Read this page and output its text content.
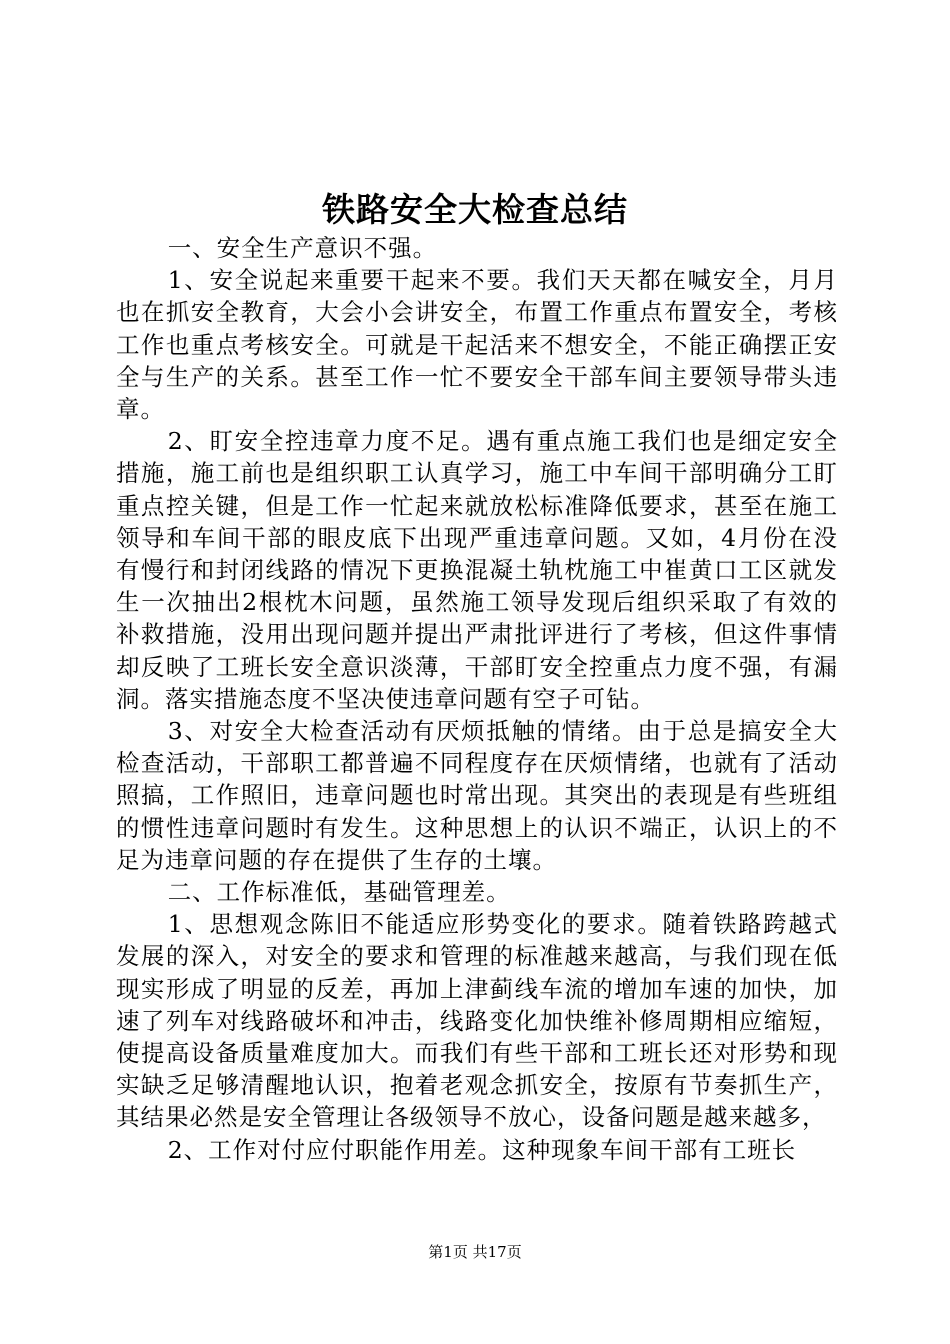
铁路安全大检查总结

一、安全生产意识不强。

1、安全说起来重要干起来不要。我们天天都在喊安全，月月也在抓安全教育，大会小会讲安全，布置工作重点布置安全，考核工作也重点考核安全。可就是干起活来不想安全，不能正确摆正安全与生产的关系。甚至工作一忙不要安全干部车间主要领导带头违章。

2、盯安全控违章力度不足。遇有重点施工我们也是细定安全措施，施工前也是组织职工认真学习，施工中车间干部明确分工盯重点控关键，但是工作一忙起来就放松标准降低要求，甚至在施工领导和车间干部的眼皮底下出现严重违章问题。又如，4月份在没有慢行和封闭线路的情况下更换混凝土轨枕施工中崔黄口工区就发生一次抽出2根枕木问题，虽然施工领导发现后组织采取了有效的补救措施，没用出现问题并提出严肃批评进行了考核，但这件事情却反映了工班长安全意识淡薄，干部盯安全控重点力度不强，有漏洞。落实措施态度不坚决使违章问题有空子可钻。

3、对安全大检查活动有厌烦抵触的情绪。由于总是搞安全大检查活动，干部职工都普遍不同程度存在厌烦情绪，也就有了活动照搞，工作照旧，违章问题也时常出现。其突出的表现是有些班组的惯性违章问题时有发生。这种思想上的认识不端正，认识上的不足为违章问题的存在提供了生存的土壤。

二、工作标准低，基础管理差。

1、思想观念陈旧不能适应形势变化的要求。随着铁路跨越式发展的深入，对安全的要求和管理的标准越来越高，与我们现在低现实形成了明显的反差，再加上津蓟线车流的增加车速的加快，加速了列车对线路破坏和冲击，线路变化加快维补修周期相应缩短，使提高设备质量难度加大。而我们有些干部和工班长还对形势和现实缺乏足够清醒地认识，抱着老观念抓安全，按原有节奏抓生产，其结果必然是安全管理让各级领导不放心，设备问题是越来越多，

2、工作对付应付职能作用差。这种现象车间干部有工班长

第1页 共17页
